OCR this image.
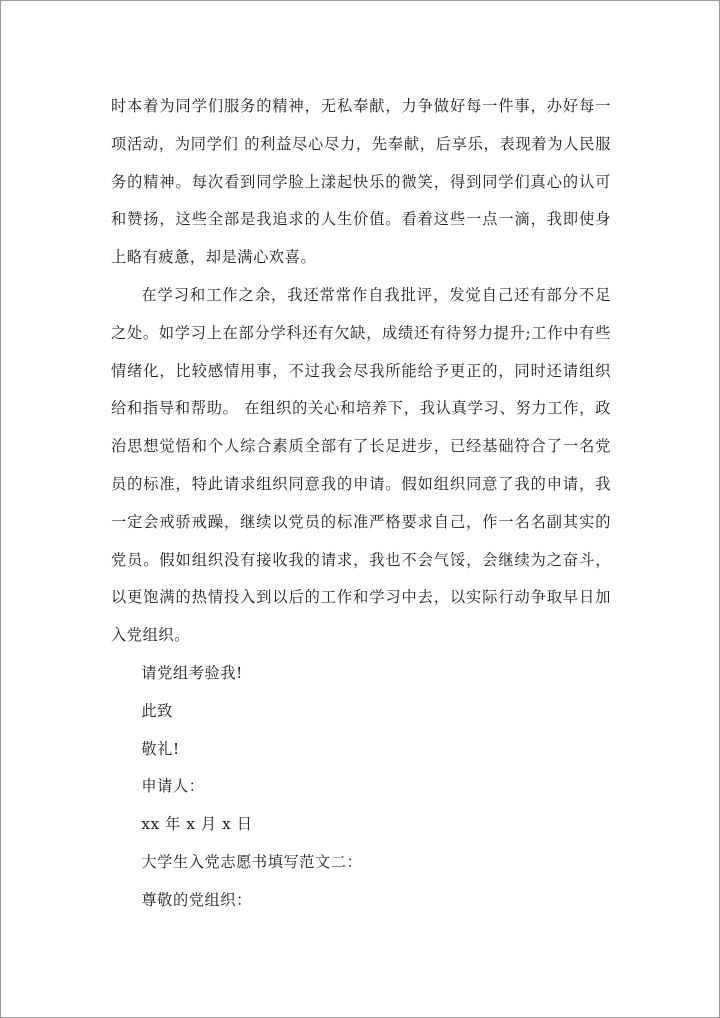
时本着为同学们服务的精神，无私奉献，力争做好每一件事，办好每一项活动，为同学们 的利益尽心尽力，先奉献，后享乐，表现着为人民服务的精神。每次看到同学脸上漾起快乐的微笑，得到同学们真心的认可和赞扬，这些全部是我追求的人生价值。看着这些一点一滴，我即使身上略有疲惫，却是满心欢喜。

在学习和工作之余，我还常常作自我批评，发觉自己还有部分不足之处。如学习上在部分学科还有欠缺，成绩还有待努力提升;工作中有些情绪化，比较感情用事，不过我会尽我所能给予更正的，同时还请组织给和指导和帮助。 在组织的关心和培养下，我认真学习、努力工作，政治思想觉悟和个人综合素质全部有了长足进步，已经基础符合了一名党员的标准，特此请求组织同意我的申请。假如组织同意了我的申请，我一定会戒骄戒躁，继续以党员的标准严格要求自己，作一名名副其实的党员。假如组织没有接收我的请求，我也不会气馁，会继续为之奋斗，以更饱满的热情投入到以后的工作和学习中去，以实际行动争取早日加入党组织。

请党组考验我!

此致

敬礼!

申请人：

xx 年 x 月 x 日

大学生入党志愿书填写范文二：

尊敬的党组织：
